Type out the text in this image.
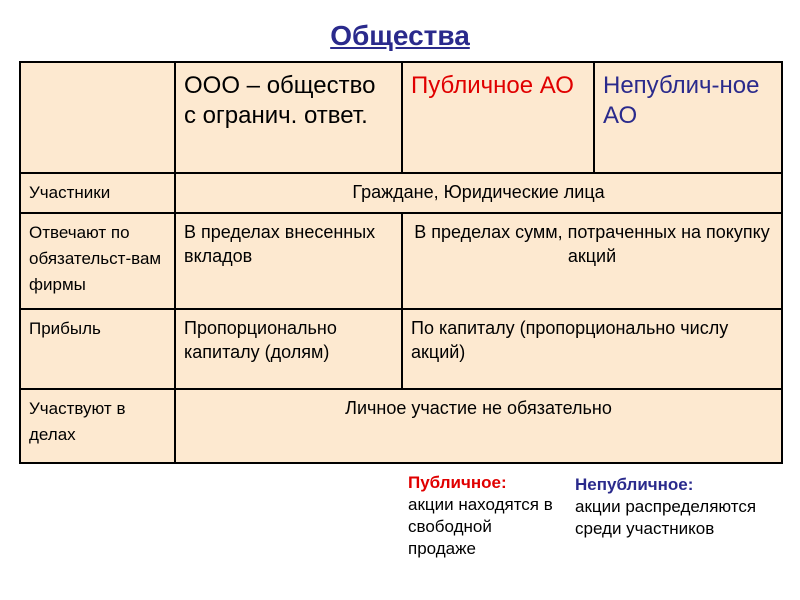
Общества
	ООО – общество с огранич. ответ.	Публичное АО	Непублич-ное АО
Участники	Граждане, Юридические лица		
Отвечают по обязательст-вам фирмы	В пределах внесенных вкладов	В пределах сумм, потраченных на покупку акций	
Прибыль	Пропорционально капиталу (долям)	По капиталу (пропорционально числу акций)	
Участвуют в делах	Личное участие не обязательно		
Публичное:
акции находятся в свободной продаже
Непубличное:
акции распределяются среди участников
